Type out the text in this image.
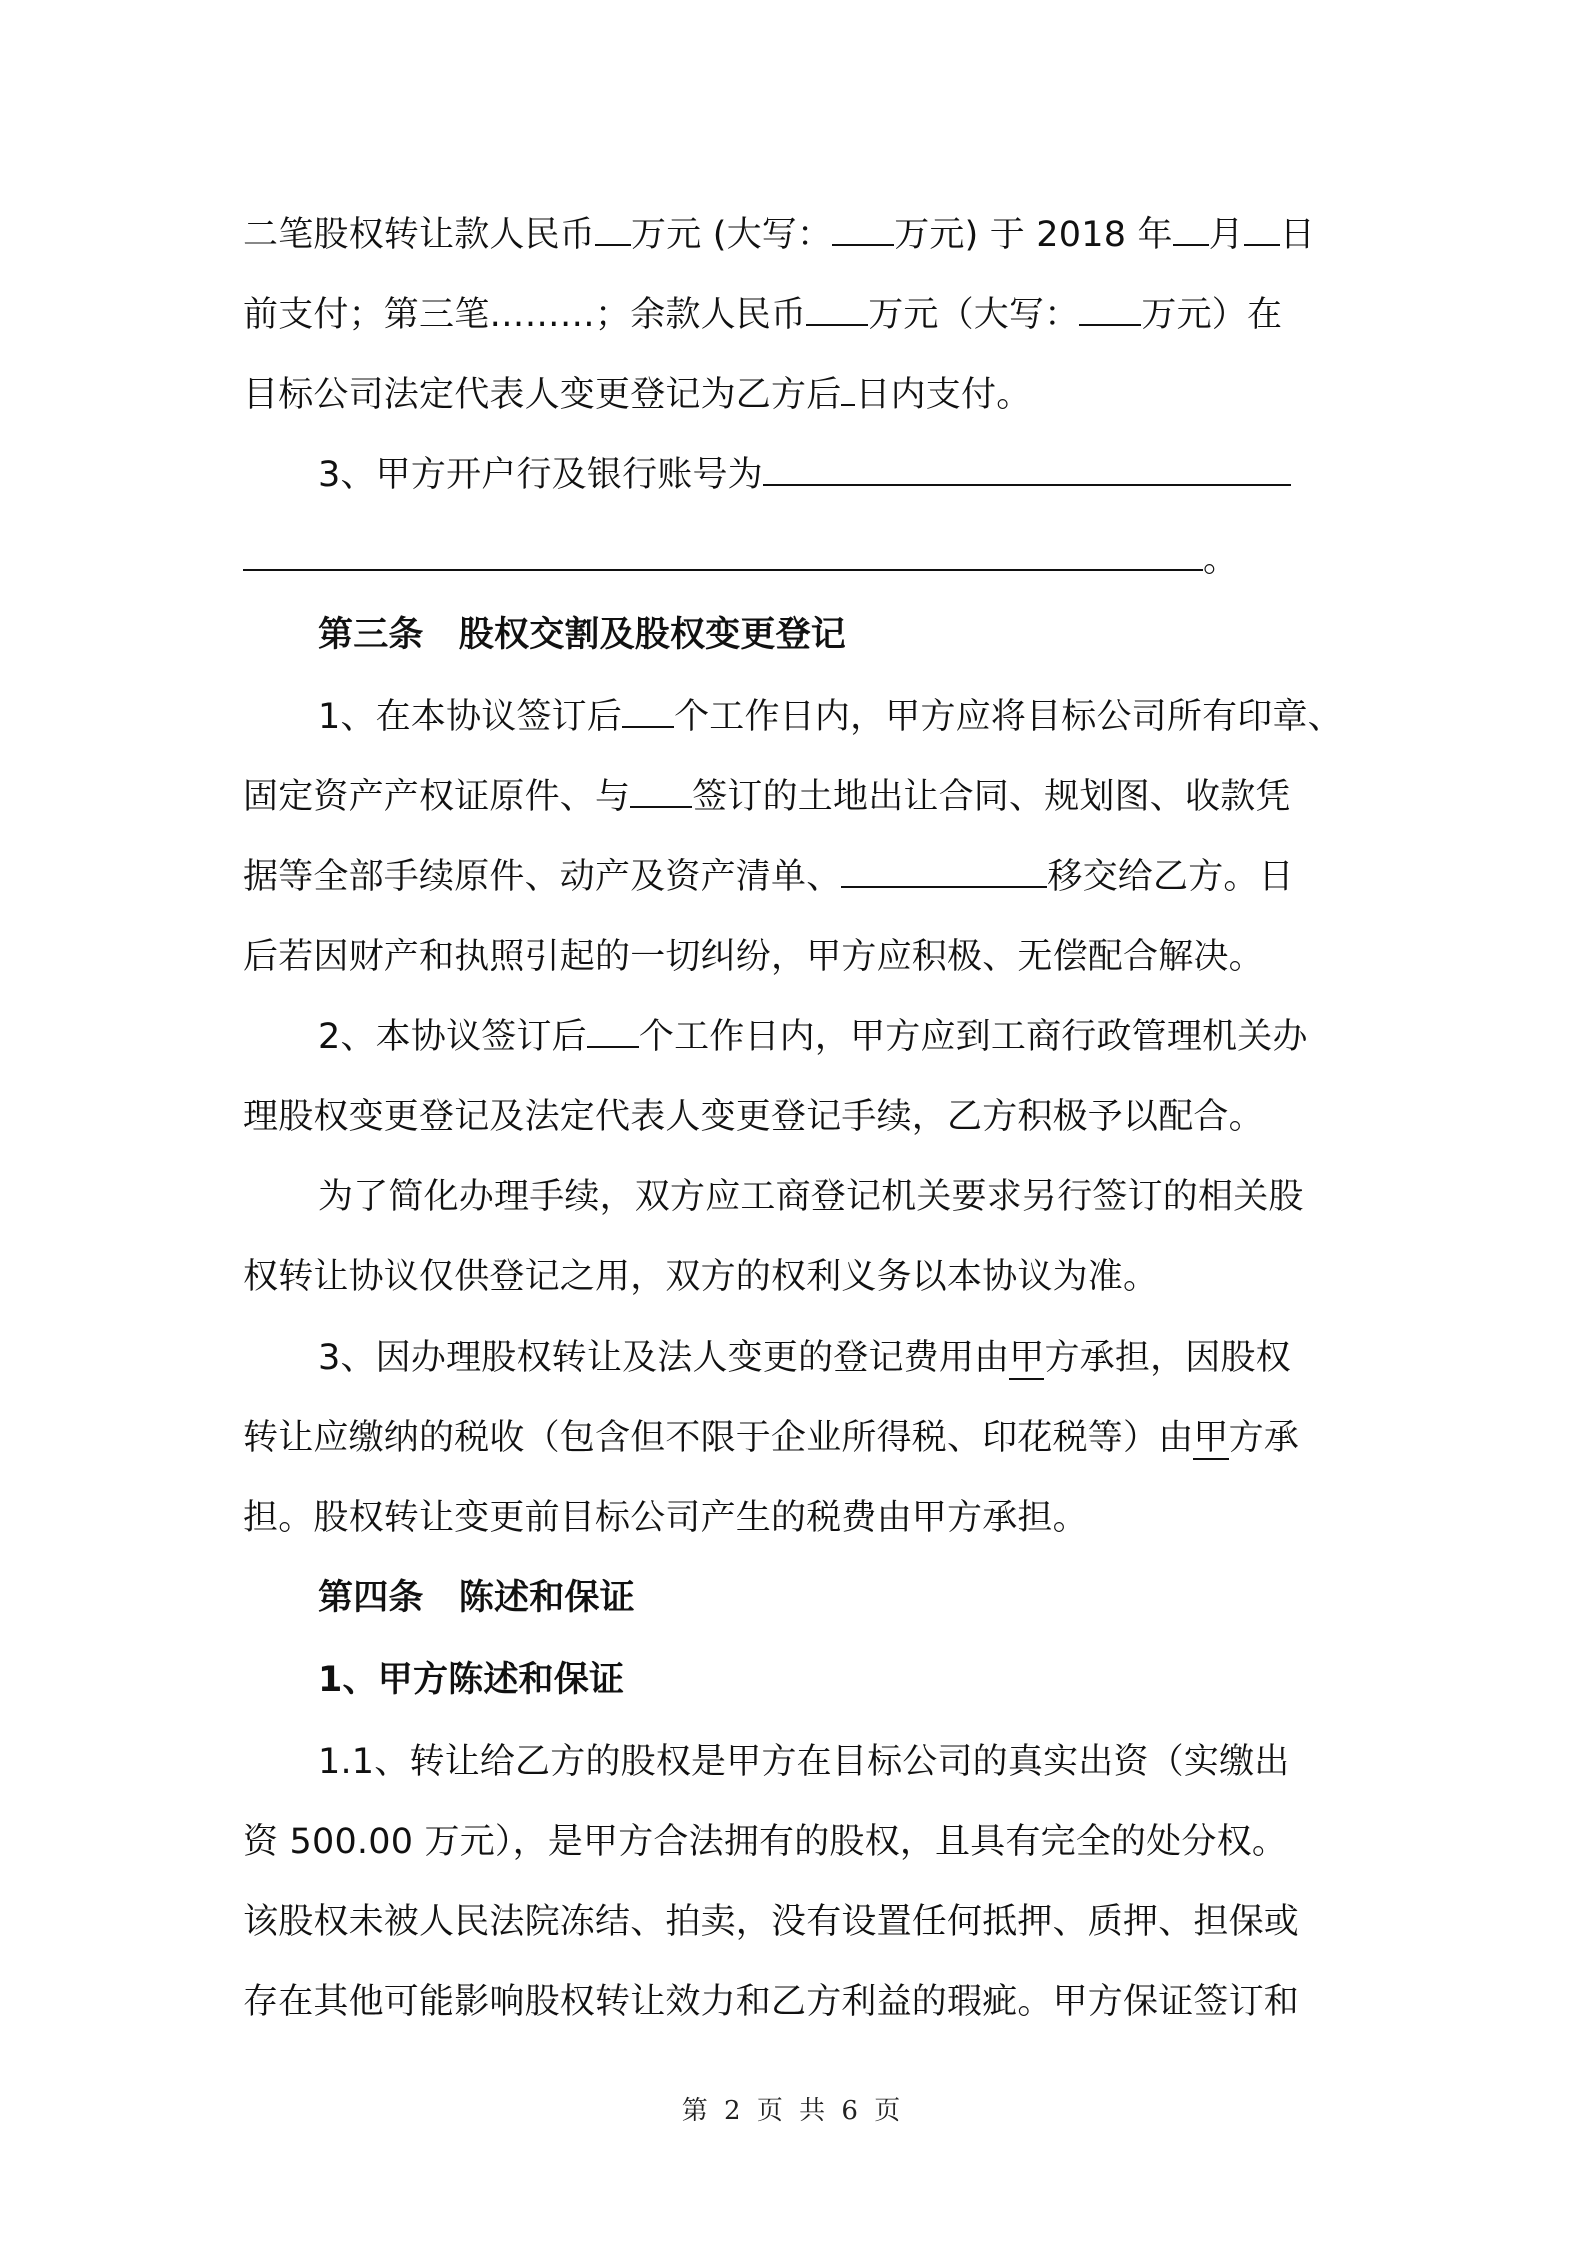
二笔股权转让款人民币 万元 (大写： 万元) 于 2018 年 月 日
前支付；第三笔………；余款人民币 万元（大写： 万元）在
目标公司法定代表人变更登记为乙方后 日内支付。
3、甲方开户行及银行账号为
。
第三条　股权交割及股权变更登记
1、在本协议签订后 个工作日内，甲方应将目标公司所有印章、
固定资产产权证原件、与 签订的土地出让合同、规划图、收款凭
据等全部手续原件、动产及资产清单、	移交给乙方。日
后若因财产和执照引起的一切纠纷，甲方应积极、无偿配合解决。
2、本协议签订后 个工作日内，甲方应到工商行政管理机关办
理股权变更登记及法定代表人变更登记手续，乙方积极予以配合。
为了简化办理手续，双方应工商登记机关要求另行签订的相关股
权转让协议仅供登记之用，双方的权利义务以本协议为准。
3、因办理股权转让及法人变更的登记费用由甲方承担，因股权
转让应缴纳的税收（包含但不限于企业所得税、印花税等）由甲方承
担。股权转让变更前目标公司产生的税费由甲方承担。
第四条　陈述和保证
1、甲方陈述和保证
1.1、转让给乙方的股权是甲方在目标公司的真实出资（实缴出
资 500.00 万元），是甲方合法拥有的股权，且具有完全的处分权。
该股权未被人民法院冻结、拍卖，没有设置任何抵押、质押、担保或
存在其他可能影响股权转让效力和乙方利益的瑕疵。甲方保证签订和
第 2 页 共 6 页
